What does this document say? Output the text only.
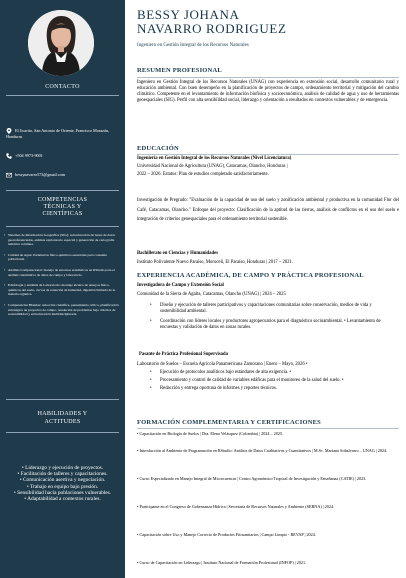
CONTACTO
El Jicarito, San Antonio de Oriente, Francisco Morazán, Honduras
+504 9973-9001
bessynavarro573@gmail.com
COMPETENCIAS
TÉCNICAS Y
CIENTÍFICAS
• Sistemas de Información Geográfica (SIG): estructuración de bases de datos georreferenciadas, análisis exploratorio espacial y generación de cartografía temática continua.
• Calidad de Agua: Parámetros físico-químicos esenciales para consumo poblacional.
• Análisis Computacional: manejo de entornos estadísticos en RStudio para el análisis cuantitativo de datos de campo y laboratorio.
• Edafología y Análisis de Laboratorio: montaje técnico de ensayos físico-químicos del suelo, curvas de retención de humedad, digestión húmeda de la materia orgánica.
• Competencias Blandas: redacción científica, pensamiento crítico, planificación estratégica de proyectos de campo, resolución de problemas bajo criterios de sostenibilidad y estructuración multidisciplinaria.
HABILIDADES Y
ACTITUDES
• Liderazgo y ejecución de proyectos.
• Facilitación de talleres y capacitaciones.
• Comunicación asertiva y negociación.
• Trabajo en equipo bajo presión.
• Sensibilidad hacia poblaciones vulnerables.
• Adaptabilidad a contextos rurales.
BESSY JOHANA
NAVARRO RODRIGUEZ
Ingeniero en Gestión Integral de los Recursos Naturales
RESUMEN PROFESIONAL
Ingeniero en Gestión Integral de los Recursos Naturales (UNAG) con experiencia en extensión social, desarrollo comunitario rural y educación ambiental. Con buen desempeño en la planificación de proyectos de campo, ordenamiento territorial y mitigación del cambio climático. Competente en el levantamiento de información biofísica y socioeconómica, análisis de calidad de agua y uso de herramientas geoespaciales (SIG). Perfil con alta sensibilidad social, liderazgo y orientación a resultados en contextos vulnerables y de emergencia.
EDUCACIÓN
Ingeniería en Gestión Integral de los Recursos Naturales (Nivel Licenciatura)
Universidad Nacional de Agricultura (UNAG), Catacamas, Olancho, Honduras |
2022 – 2026. Estatus: Plan de estudios completado satisfactoriamente.
Investigación de Pregrado: "Evaluación de la capacidad de uso del suelo y zonificación ambiental y productiva en la comunidad Flor del Café, Catacamas, Olancho." Enfoque del proyecto: Clasificación de la aptitud de las tierras, análisis de conflictos en el uso del suelo e integración de criterios geoespaciales para el ordenamiento territorial sostenible.
Bachillerato en Ciencias y Humanidades
Instituto Polivalente Nuevo Paraíso, Moroceli, El Paraíso, Honduras | 2017 – 2021.
EXPERIENCIA ACADÉMICA, DE CAMPO Y PRÁCTICA PROFESIONAL
Investigadora de Campo y Extensión Social
Comunidad de la Sierra de Agalta, Catacamas, Olancho (UNAG) | 2024 – 2025
• Diseño y ejecución de talleres participativos y capacitaciones comunitarias sobre conservación, medios de vida y sostenibilidad ambiental.
• Coordinación con líderes locales y productores agropecuarios para el diagnóstico socioambiental. • Levantamiento de encuestas y validación de datos en zonas rurales.
Pasante de Práctica Profesional Supervisada
Laboratorio de Suelos – Escuela Agrícola Panamericana Zamorano | Enero – Mayo, 2026 •
• Ejecución de protocolos analíticos bajo estándares de alta exigencia. •
• Procesamiento y control de calidad de variables edáficas para el monitoreo de la salud del suelo. •
• Redacción y entrega oportuna de informes y reportes técnicos.
FORMACIÓN COMPLEMENTARIA Y CERTIFICACIONES
• Capacitación en Biología de Suelos | Dra. Elena Velásquez (Colombia) | 2024 – 2025.
• Introducción al Ambiente de Programación en RStudio: Análisis de Datos Cualitativos y Cuantitativos | M.Sc. Mariano Sobalvarro – UNAG | 2024.
• Curso Especializado en Manejo Integral de Microcuencas | Centro Agronómico Tropical de Investigación y Enseñanza (CATIE) | 2023.
• Participante en el Congreso de Gobernanza Hídrica | Secretaría de Recursos Naturales y Ambiente (SERNA) | 2024.
• Capacitación sobre Uso y Manejo Correcto de Productos Fitosanitarios | Campo Limpio - REVAP | 2024.
• Curso de Capacitación en Liderazgo | Instituto Nacional de Formación Profesional (INFOP) | 2021.
